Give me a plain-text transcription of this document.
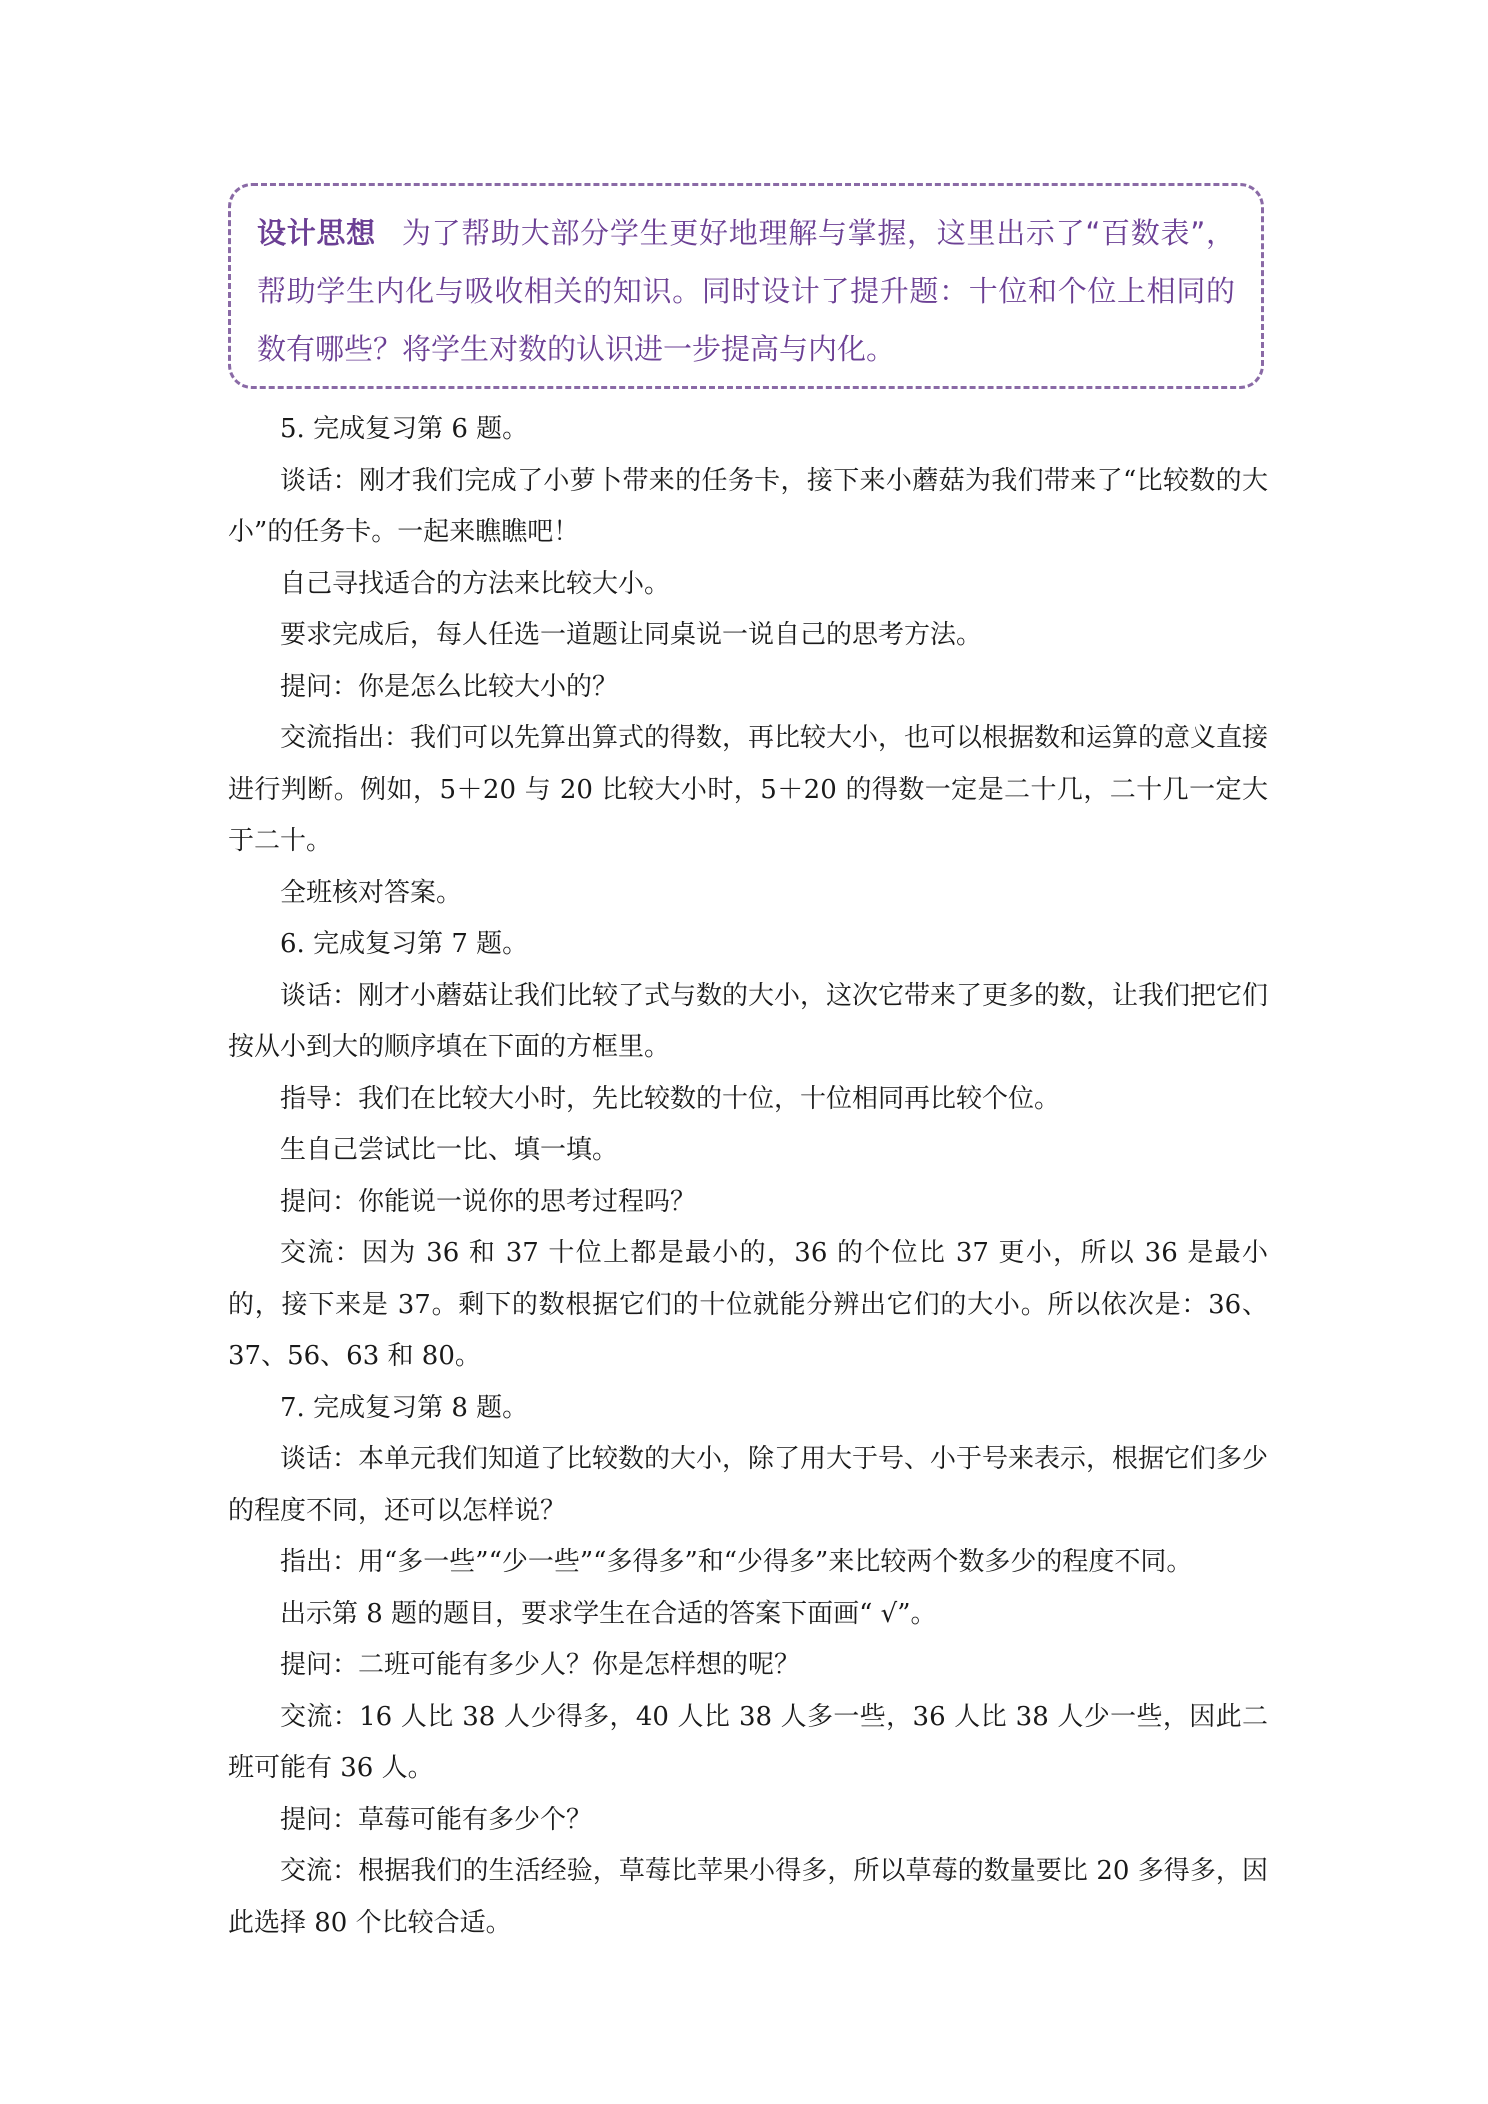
设计思想 为了帮助大部分学生更好地理解与掌握，这里出示了“百数表”，帮助学生内化与吸收相关的知识。同时设计了提升题：十位和个位上相同的数有哪些？将学生对数的认识进一步提高与内化。

5. 完成复习第 6 题。

谈话：刚才我们完成了小萝卜带来的任务卡，接下来小蘑菇为我们带来了“比较数的大小”的任务卡。一起来瞧瞧吧！

自己寻找适合的方法来比较大小。

要求完成后，每人任选一道题让同桌说一说自己的思考方法。

提问：你是怎么比较大小的？

交流指出：我们可以先算出算式的得数，再比较大小，也可以根据数和运算的意义直接进行判断。例如，5＋20 与 20 比较大小时，5＋20 的得数一定是二十几，二十几一定大于二十。

全班核对答案。

6. 完成复习第 7 题。

谈话：刚才小蘑菇让我们比较了式与数的大小，这次它带来了更多的数，让我们把它们按从小到大的顺序填在下面的方框里。

指导：我们在比较大小时，先比较数的十位，十位相同再比较个位。

生自己尝试比一比、填一填。

提问：你能说一说你的思考过程吗？

交流：因为 36 和 37 十位上都是最小的，36 的个位比 37 更小，所以 36 是最小的，接下来是 37。剩下的数根据它们的十位就能分辨出它们的大小。所以依次是：36、37、56、63 和 80。

7. 完成复习第 8 题。

谈话：本单元我们知道了比较数的大小，除了用大于号、小于号来表示，根据它们多少的程度不同，还可以怎样说？

指出：用“多一些”“少一些”“多得多”和“少得多”来比较两个数多少的程度不同。

出示第 8 题的题目，要求学生在合适的答案下面画“ √”。

提问：二班可能有多少人？你是怎样想的呢？

交流：16 人比 38 人少得多，40 人比 38 人多一些，36 人比 38 人少一些，因此二班可能有 36 人。

提问：草莓可能有多少个？

交流：根据我们的生活经验，草莓比苹果小得多，所以草莓的数量要比 20 多得多，因此选择 80 个比较合适。
